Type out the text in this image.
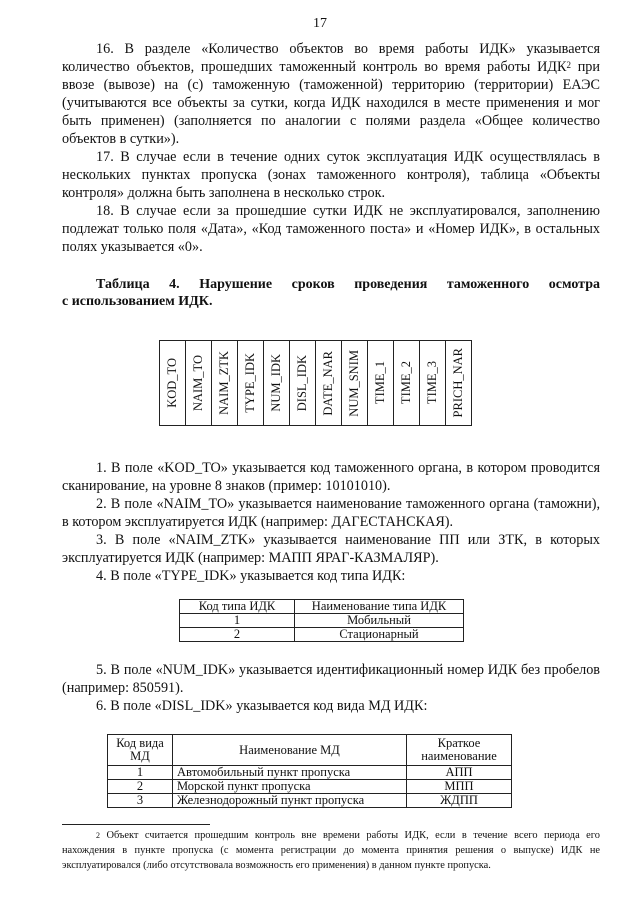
17

16. В разделе «Количество объектов во время работы ИДК» указывается количество объектов, прошедших таможенный контроль во время работы ИДК$^2$ при ввозе (вывозе) на (с) таможенную (таможенной) территорию (территории) ЕАЭС (учитываются все объекты за сутки, когда ИДК находился в месте применения и мог быть применен) (заполняется по аналогии с полями раздела «Общее количество объектов в сутки»).

17. В случае если в течение одних суток эксплуатация ИДК осуществлялась в нескольких пунктах пропуска (зонах таможенного контроля), таблица «Объекты контроля» должна быть заполнена в несколько строк.

18. В случае если за прошедшие сутки ИДК не эксплуатировался, заполнению подлежат только поля «Дата», «Код таможенного поста» и «Номер ИДК», в остальных полях указывается «0».

Таблица 4. Нарушение сроков проведения таможенного осмотра
с использованием ИДК.
KOD_TO	NAIM_TO	NAIM_ZTK	TYPE_IDK	NUM_IDK	DISL_IDK	DATE_NAR	NUM_SNIM	TIME_1	TIME_2	TIME_3	PRICH_NAR

1. В поле «KOD_TO» указывается код таможенного органа, в котором проводится сканирование, на уровне 8 знаков (пример: 10101010).

2. В поле «NAIM_TO» указывается наименование таможенного органа (таможни), в котором эксплуатируется ИДК (например: ДАГЕСТАНСКАЯ).

3. В поле «NAIM_ZTK» указывается наименование ПП или ЗТК, в которых эксплуатируется ИДК (например: МАПП ЯРАГ-КАЗМАЛЯР).

4. В поле «TYPE_IDK» указывается код типа ИДК:

Код типа ИДК	Наименование типа ИДК
1	Мобильный
2	Стационарный

5. В поле «NUM_IDK» указывается идентификационный номер ИДК без пробелов (например: 850591).

6. В поле «DISL_IDK» указывается код вида МД ИДК:

Код вида МД	Наименование МД	Краткое наименование
1	Автомобильный пункт пропуска	АПП
2	Морской пункт пропуска	МПП
3	Железнодорожный пункт пропуска	ЖДПП
$^2$ Объект считается прошедшим контроль вне времени работы ИДК, если в течение всего периода его нахождения в пункте пропуска (с момента регистрации до момента принятия решения о выпуске) ИДК не эксплуатировался (либо отсутствовала возможность его применения) в данном пункте пропуска.
